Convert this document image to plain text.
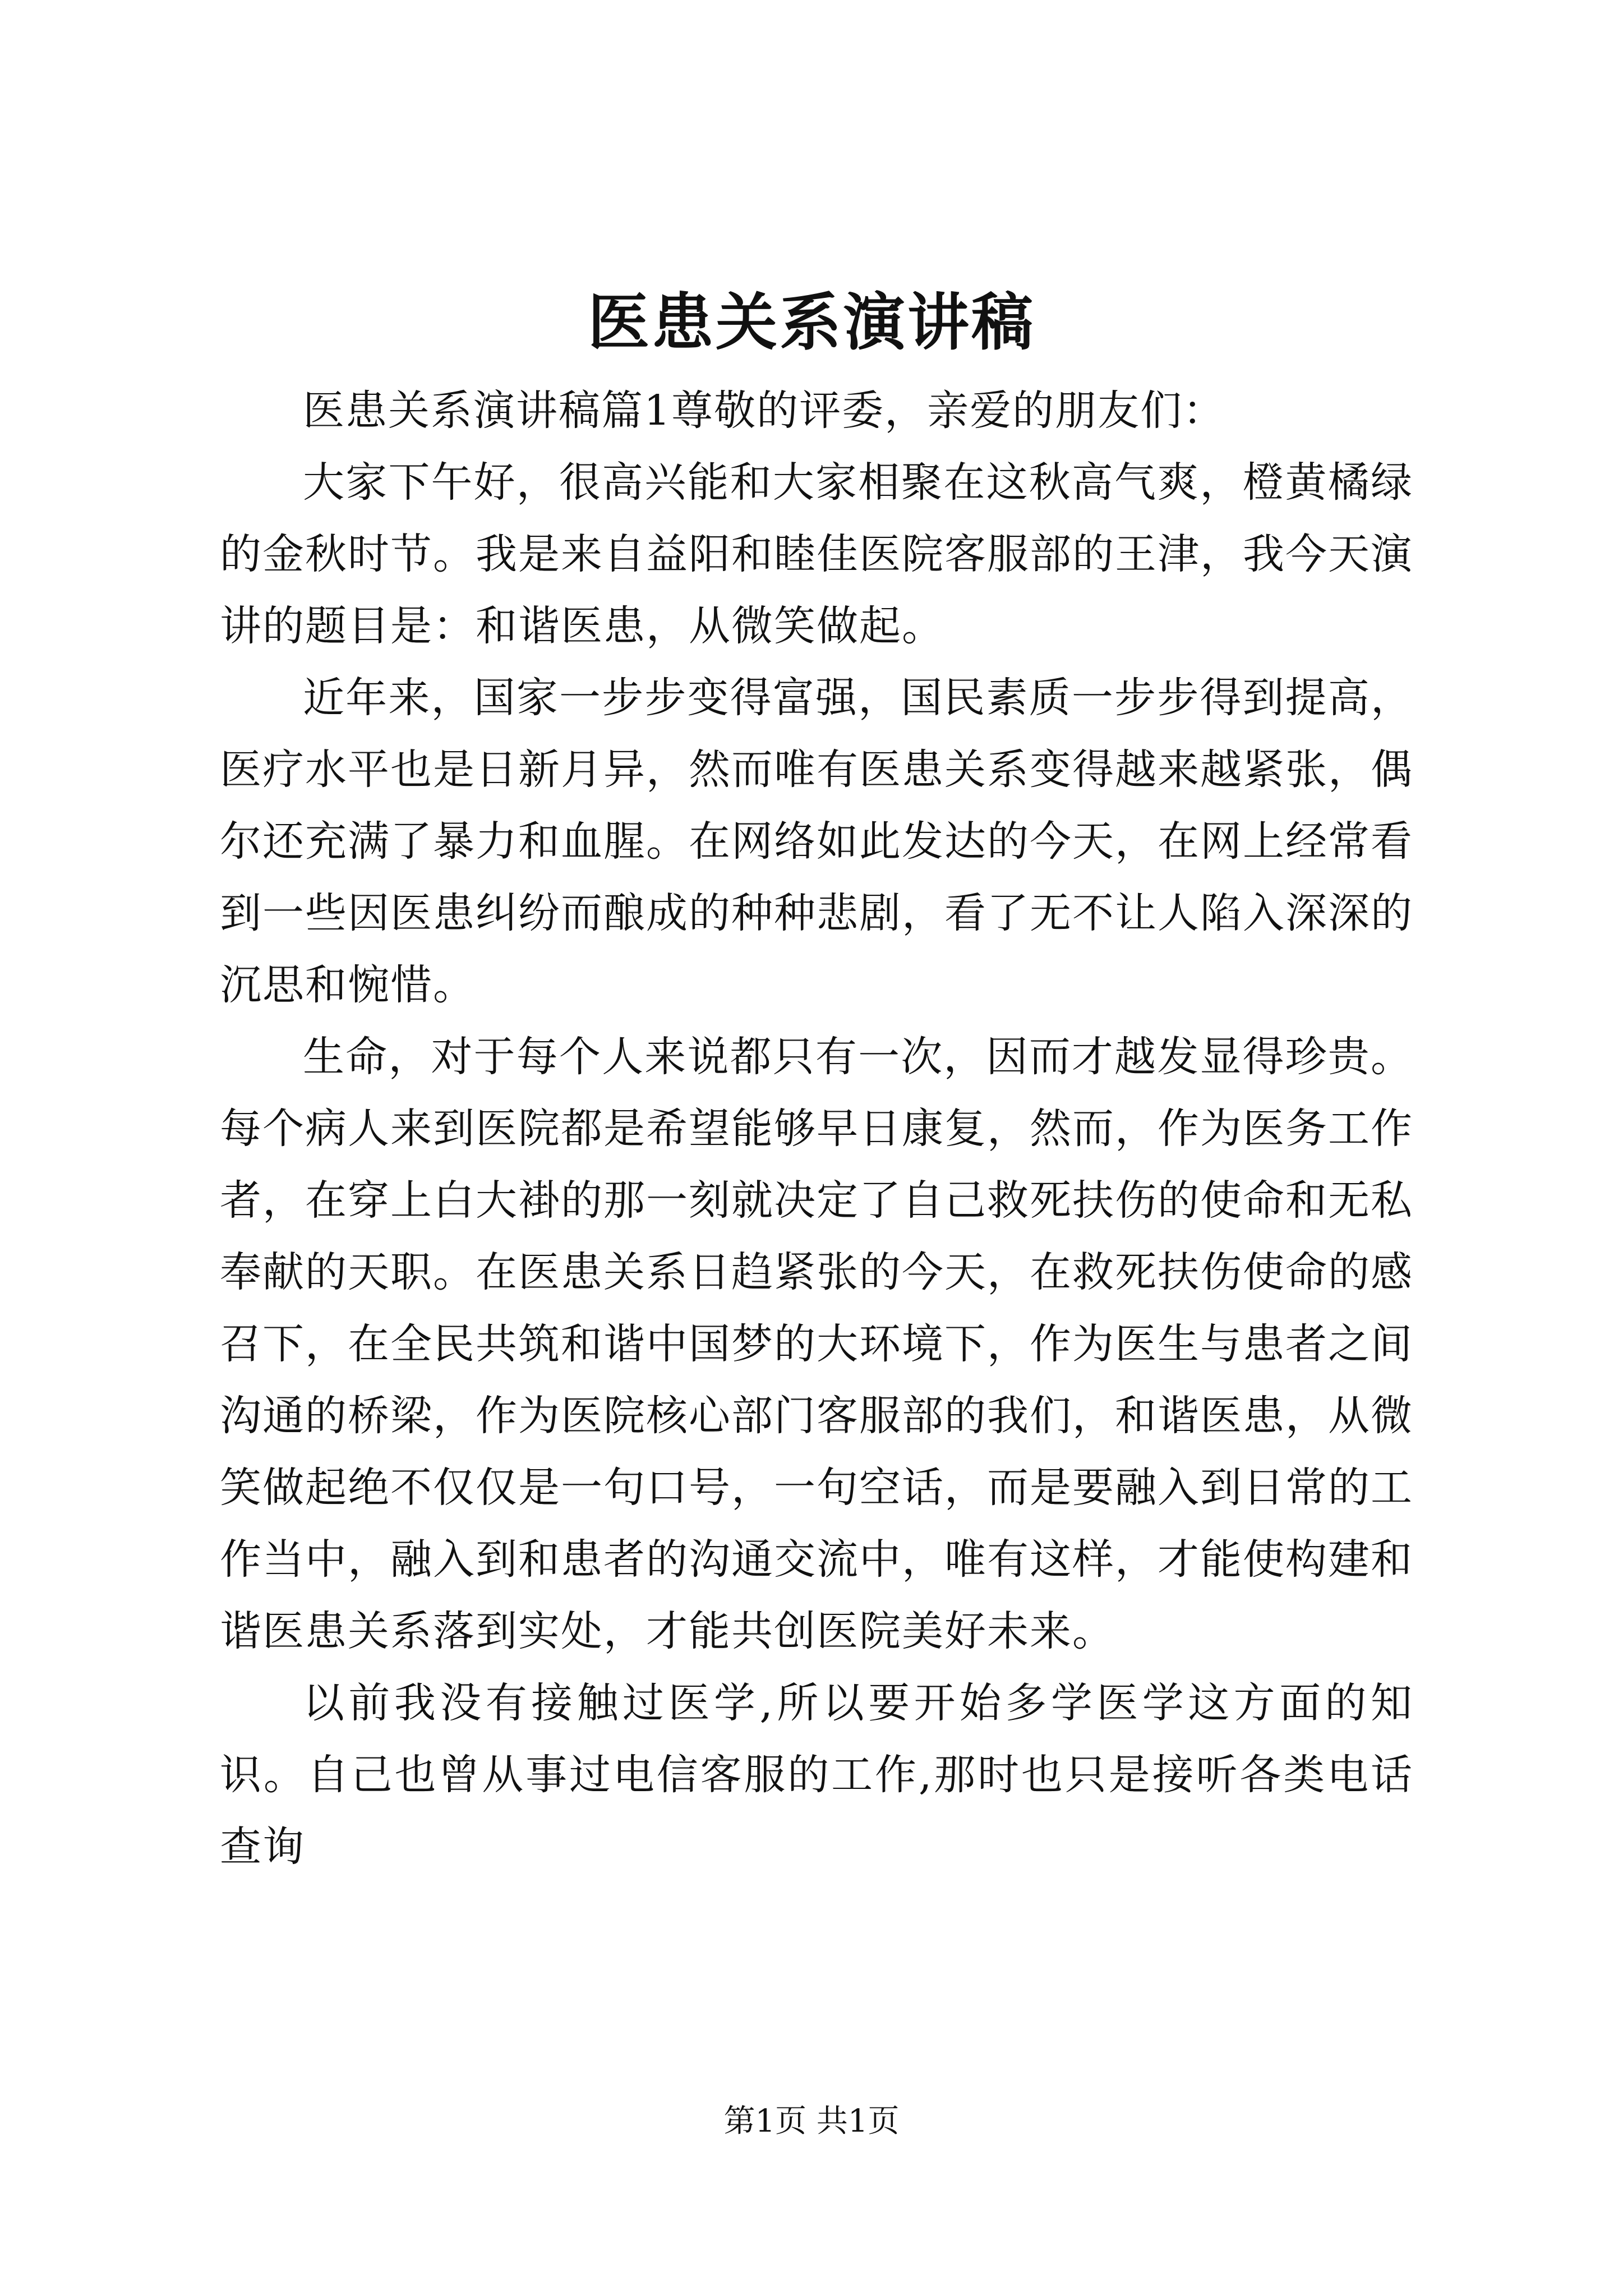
医患关系演讲稿

医患关系演讲稿篇1尊敬的评委，亲爱的朋友们：

大家下午好，很高兴能和大家相聚在这秋高气爽，橙黄橘绿的金秋时节。我是来自益阳和睦佳医院客服部的王津，我今天演讲的题目是：和谐医患，从微笑做起。

近年来，国家一步步变得富强，国民素质一步步得到提高，医疗水平也是日新月异，然而唯有医患关系变得越来越紧张，偶尔还充满了暴力和血腥。在网络如此发达的今天，在网上经常看到一些因医患纠纷而酿成的种种悲剧，看了无不让人陷入深深的沉思和惋惜。

生命，对于每个人来说都只有一次，因而才越发显得珍贵。每个病人来到医院都是希望能够早日康复，然而，作为医务工作者，在穿上白大褂的那一刻就决定了自己救死扶伤的使命和无私奉献的天职。在医患关系日趋紧张的今天，在救死扶伤使命的感召下，在全民共筑和谐中国梦的大环境下，作为医生与患者之间沟通的桥梁，作为医院核心部门客服部的我们，和谐医患，从微笑做起绝不仅仅是一句口号，一句空话，而是要融入到日常的工作当中，融入到和患者的沟通交流中，唯有这样，才能使构建和谐医患关系落到实处，才能共创医院美好未来。

以前我没有接触过医学,所以要开始多学医学这方面的知识。自己也曾从事过电信客服的工作,那时也只是接听各类电话查询

第1页 共1页
